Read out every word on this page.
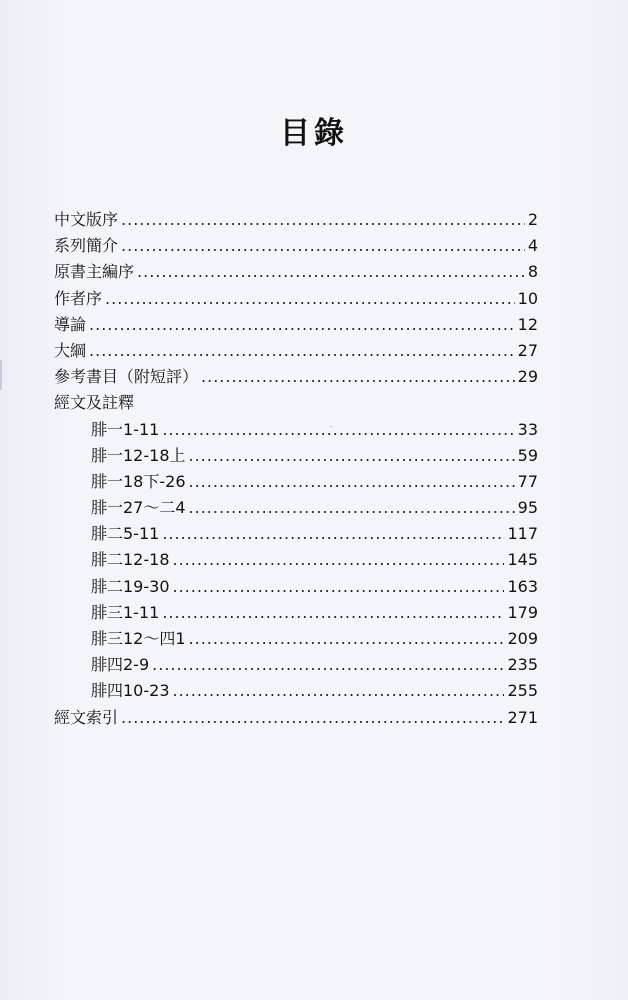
目錄
中文版序 .....	2
系列簡介 .....	4
原書主編序 .....	8
作者序 .....	10
導論 .....	12
大綱 .....	27
參考書目（附短評） .....	29
經文及註釋
腓一1-11 .....	33
腓一12-18上 .....	59
腓一18下-26 .....	77
腓一27～二4 .....	95
腓二5-11 .....	117
腓二12-18 .....	145
腓二19-30 .....	163
腓三1-11 .....	179
腓三12～四1 .....	209
腓四2-9 .....	235
腓四10-23 .....	255
經文索引 .....	271
